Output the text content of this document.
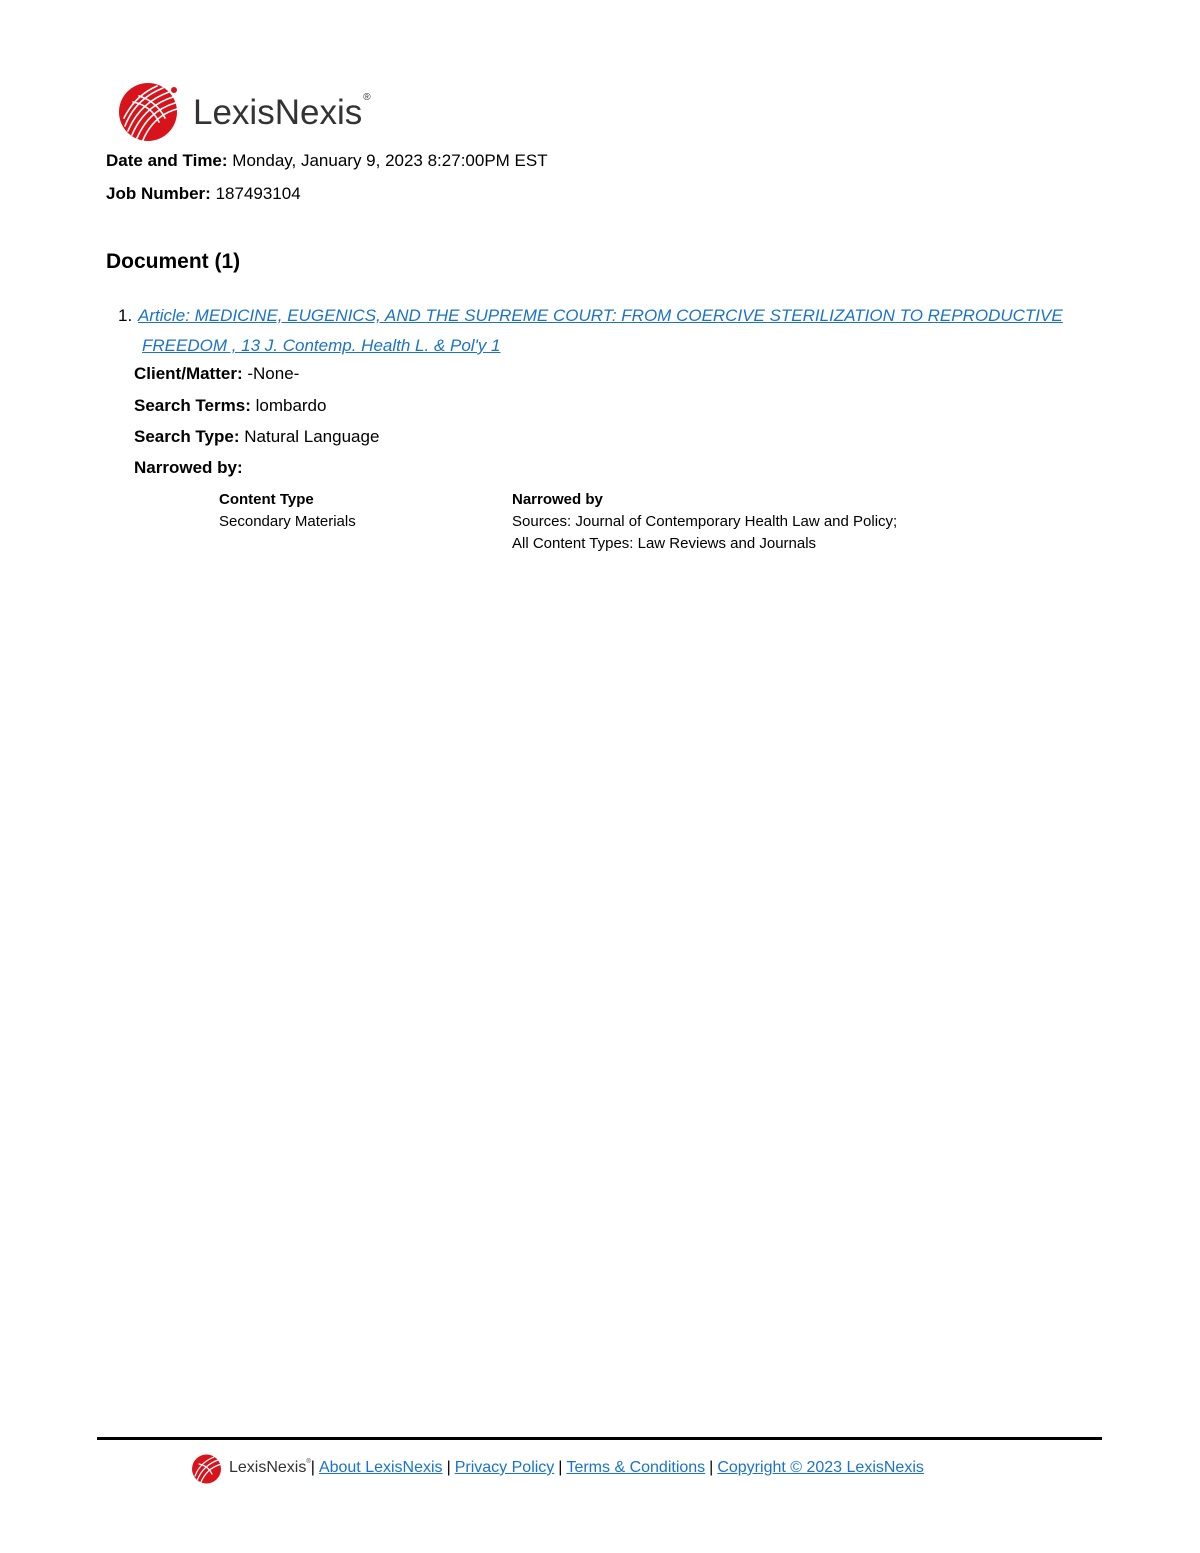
LexisNexis ®
Date and Time: Monday, January 9, 2023 8:27:00PM EST
Job Number: 187493104
Document (1)
1. Article: MEDICINE, EUGENICS, AND THE SUPREME COURT: FROM COERCIVE STERILIZATION TO REPRODUCTIVE FREEDOM , 13 J. Contemp. Health L. & Pol'y 1
Client/Matter: -None-
Search Terms: lombardo
Search Type: Natural Language
Narrowed by:
Content Type
Secondary Materials
Narrowed by
Sources: Journal of Contemporary Health Law and Policy;
All Content Types: Law Reviews and Journals
LexisNexis ® | About LexisNexis | Privacy Policy | Terms & Conditions | Copyright © 2023 LexisNexis
